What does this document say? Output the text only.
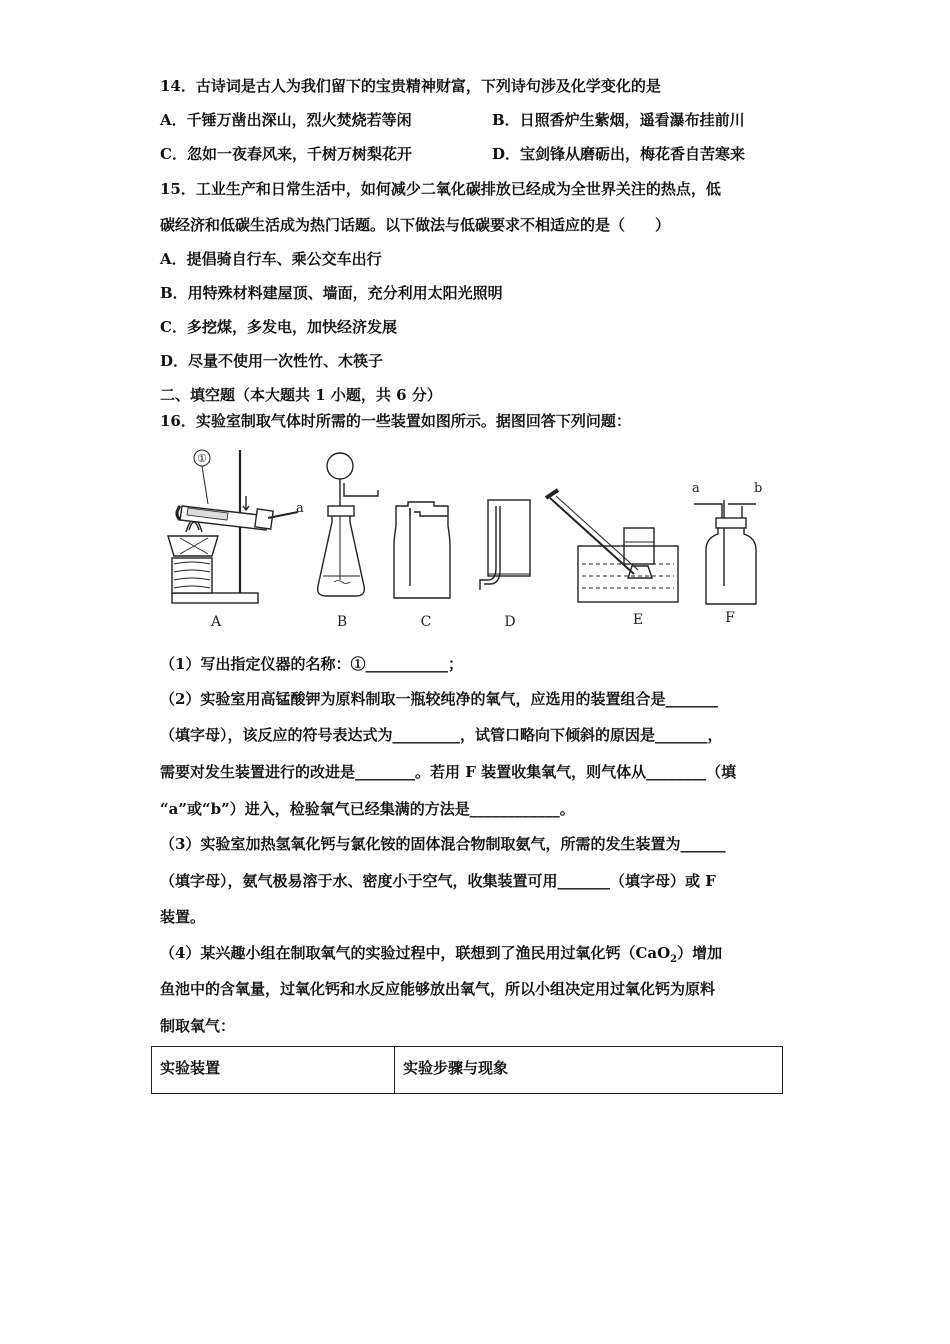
14．古诗词是古人为我们留下的宝贵精神财富，下列诗句涉及化学变化的是
A．千锤万凿出深山，烈火焚烧若等闲	B．日照香炉生紫烟，遥看瀑布挂前川
C．忽如一夜春风来，千树万树梨花开	D．宝剑锋从磨砺出，梅花香自苦寒来
15．工业生产和日常生活中，如何减少二氧化碳排放已经成为全世界关注的热点，低
碳经济和低碳生活成为热门话题。以下做法与低碳要求不相适应的是（　　）
A．提倡骑自行车、乘公交车出行
B．用特殊材料建屋顶、墙面，充分利用太阳光照明
C．多挖煤，多发电，加快经济发展
D．尽量不使用一次性竹、木筷子
二、填空题（本大题共 1 小题，共 6 分）
16．实验室制取气体时所需的一些装置如图所示。据图回答下列问题：
①
a
a	b
A	B	C	D	E	F
（1）写出指定仪器的名称：①___________；
（2）实验室用高锰酸钾为原料制取一瓶较纯净的氧气，应选用的装置组合是_______
（填字母），该反应的符号表达式为_________，试管口略向下倾斜的原因是_______，
需要对发生装置进行的改进是________。若用 F 装置收集氧气，则气体从________（填
“a”或“b”）进入，检验氧气已经集满的方法是____________。
（3）实验室加热氢氧化钙与氯化铵的固体混合物制取氨气，所需的发生装置为______
（填字母），氨气极易溶于水、密度小于空气，收集装置可用_______（填字母）或 F
装置。
（4）某兴趣小组在制取氧气的实验过程中，联想到了渔民用过氧化钙（CaO$_2$）增加
鱼池中的含氧量，过氧化钙和水反应能够放出氧气，所以小组决定用过氧化钙为原料
制取氧气：
实验装置	实验步骤与现象
